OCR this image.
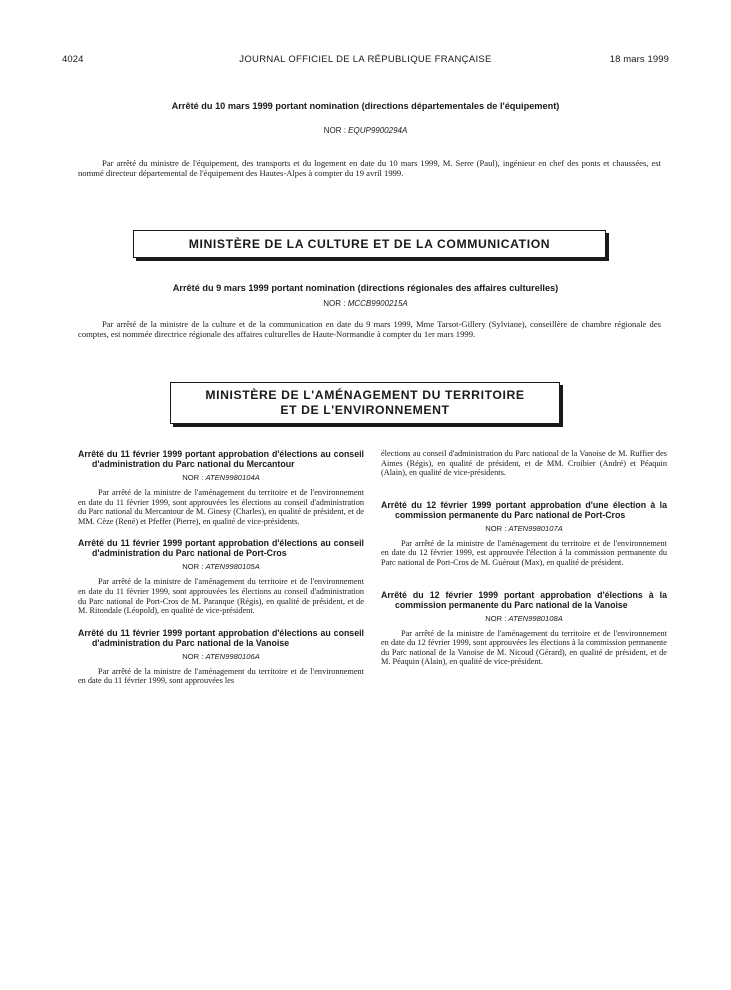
4024	JOURNAL OFFICIEL DE LA RÉPUBLIQUE FRANÇAISE	18 mars 1999
Arrêté du 10 mars 1999 portant nomination (directions départementales de l'équipement)
NOR : EQUP9900294A
Par arrêté du ministre de l'équipement, des transports et du logement en date du 10 mars 1999, M. Serre (Paul), ingénieur en chef des ponts et chaussées, est nommé directeur départemental de l'équipement des Hautes-Alpes à compter du 19 avril 1999.
MINISTÈRE DE LA CULTURE ET DE LA COMMUNICATION
Arrêté du 9 mars 1999 portant nomination (directions régionales des affaires culturelles)
NOR : MCCB9900215A
Par arrêté de la ministre de la culture et de la communication en date du 9 mars 1999, Mme Tarsot-Gillery (Sylviane), conseillère de chambre régionale des comptes, est nommée directrice régionale des affaires culturelles de Haute-Normandie à compter du 1er mars 1999.
MINISTÈRE DE L'AMÉNAGEMENT DU TERRITOIRE
ET DE L'ENVIRONNEMENT
Arrêté du 11 février 1999 portant approbation d'élections au conseil d'administration du Parc national du Mercantour
NOR : ATEN9980104A
Par arrêté de la ministre de l'aménagement du territoire et de l'environnement en date du 11 février 1999, sont approuvées les élections au conseil d'administration du Parc national du Mercantour de M. Ginesy (Charles), en qualité de président, et de MM. Cèze (René) et Pfeffer (Pierre), en qualité de vice-présidents.
Arrêté du 11 février 1999 portant approbation d'élections au conseil d'administration du Parc national de Port-Cros
NOR : ATEN9980105A
Par arrêté de la ministre de l'aménagement du territoire et de l'environnement en date du 11 février 1999, sont approuvées les élections au conseil d'administration du Parc national de Port-Cros de M. Paranque (Régis), en qualité de président, et de M. Ritondale (Léopold), en qualité de vice-président.
Arrêté du 11 février 1999 portant approbation d'élections au conseil d'administration du Parc national de la Vanoise
NOR : ATEN9980106A
Par arrêté de la ministre de l'aménagement du territoire et de l'environnement en date du 11 février 1999, sont approuvées les
élections au conseil d'administration du Parc national de la Vanoise de M. Ruffier des Aimes (Régis), en qualité de président, et de MM. Croibier (André) et Péaquin (Alain), en qualité de vice-présidents.
Arrêté du 12 février 1999 portant approbation d'une élection à la commission permanente du Parc national de Port-Cros
NOR : ATEN9980107A
Par arrêté de la ministre de l'aménagement du territoire et de l'environnement en date du 12 février 1999, est approuvée l'élection à la commission permanente du Parc national de Port-Cros de M. Guérout (Max), en qualité de président.
Arrêté du 12 février 1999 portant approbation d'élections à la commission permanente du Parc national de la Vanoise
NOR : ATEN9980108A
Par arrêté de la ministre de l'aménagement du territoire et de l'environnement en date du 12 février 1999, sont approuvées les élections à la commission permanente du Parc national de la Vanoise de M. Nicoud (Gérard), en qualité de président, et de M. Péaquin (Alain), en qualité de vice-président.
